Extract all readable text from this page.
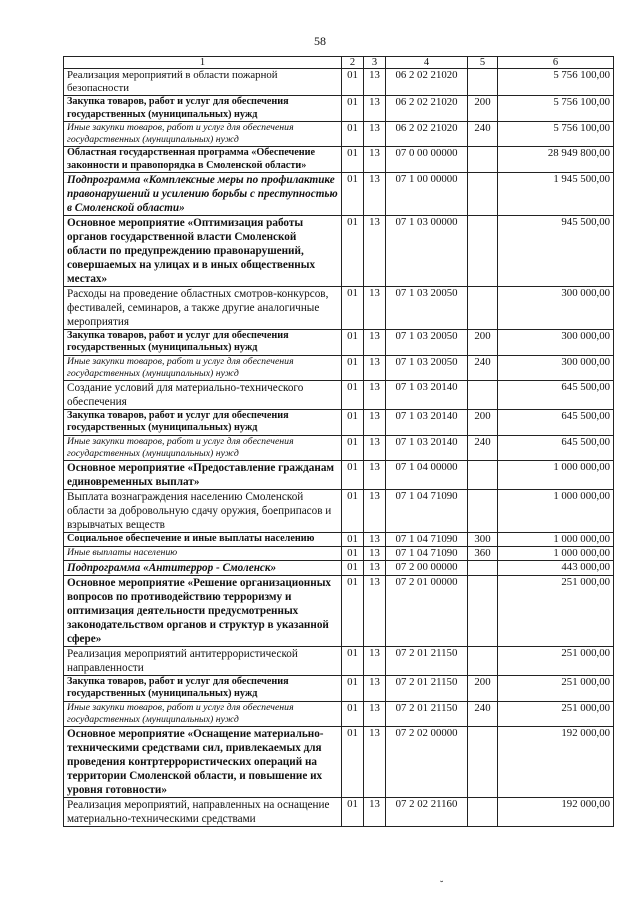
58
1	2	3	4	5	6
Реализация мероприятий в области пожарной безопасности	01	13	06 2 02 21020		5 756 100,00
Закупка товаров, работ и услуг для обеспечения государственных (муниципальных) нужд	01	13	06 2 02 21020	200	5 756 100,00
Иные закупки товаров, работ и услуг для обеспечения государственных (муниципальных) нужд	01	13	06 2 02 21020	240	5 756 100,00
Областная государственная программа «Обеспечение законности и правопорядка в Смоленской области»	01	13	07 0 00 00000		28 949 800,00
Подпрограмма «Комплексные меры по профилактике правонарушений и усилению борьбы с преступностью в Смоленской области»	01	13	07 1 00 00000		1 945 500,00
Основное мероприятие «Оптимизация работы органов государственной власти Смоленской области по предупреждению правонарушений, совершаемых на улицах и в иных общественных местах»	01	13	07 1 03 00000		945 500,00
Расходы на проведение областных смотров-конкурсов, фестивалей, семинаров, а также другие аналогичные мероприятия	01	13	07 1 03 20050		300 000,00
Закупка товаров, работ и услуг для обеспечения государственных (муниципальных) нужд	01	13	07 1 03 20050	200	300 000,00
Иные закупки товаров, работ и услуг для обеспечения государственных (муниципальных) нужд	01	13	07 1 03 20050	240	300 000,00
Создание условий для материально-технического обеспечения	01	13	07 1 03 20140		645 500,00
Закупка товаров, работ и услуг для обеспечения государственных (муниципальных) нужд	01	13	07 1 03 20140	200	645 500,00
Иные закупки товаров, работ и услуг для обеспечения государственных (муниципальных) нужд	01	13	07 1 03 20140	240	645 500,00
Основное мероприятие «Предоставление гражданам единовременных выплат»	01	13	07 1 04 00000		1 000 000,00
Выплата вознаграждения населению Смоленской области за добровольную сдачу оружия, боеприпасов и взрывчатых веществ	01	13	07 1 04 71090		1 000 000,00
Социальное обеспечение и иные выплаты населению	01	13	07 1 04 71090	300	1 000 000,00
Иные выплаты населению	01	13	07 1 04 71090	360	1 000 000,00
Подпрограмма «Антитеррор - Смоленск»	01	13	07 2 00 00000		443 000,00
Основное мероприятие «Решение организационных вопросов по противодействию терроризму и оптимизация деятельности предусмотренных законодательством органов и структур в указанной сфере»	01	13	07 2 01 00000		251 000,00
Реализация мероприятий антитеррористической направленности	01	13	07 2 01 21150		251 000,00
Закупка товаров, работ и услуг для обеспечения государственных (муниципальных) нужд	01	13	07 2 01 21150	200	251 000,00
Иные закупки товаров, работ и услуг для обеспечения государственных (муниципальных) нужд	01	13	07 2 01 21150	240	251 000,00
Основное мероприятие «Оснащение материально-техническими средствами сил, привлекаемых для проведения контртеррористических операций на территории Смоленской области, и повышение их уровня готовности»	01	13	07 2 02 00000		192 000,00
Реализация мероприятий, направленных на оснащение материально-техническими средствами	01	13	07 2 02 21160		192 000,00
˘
